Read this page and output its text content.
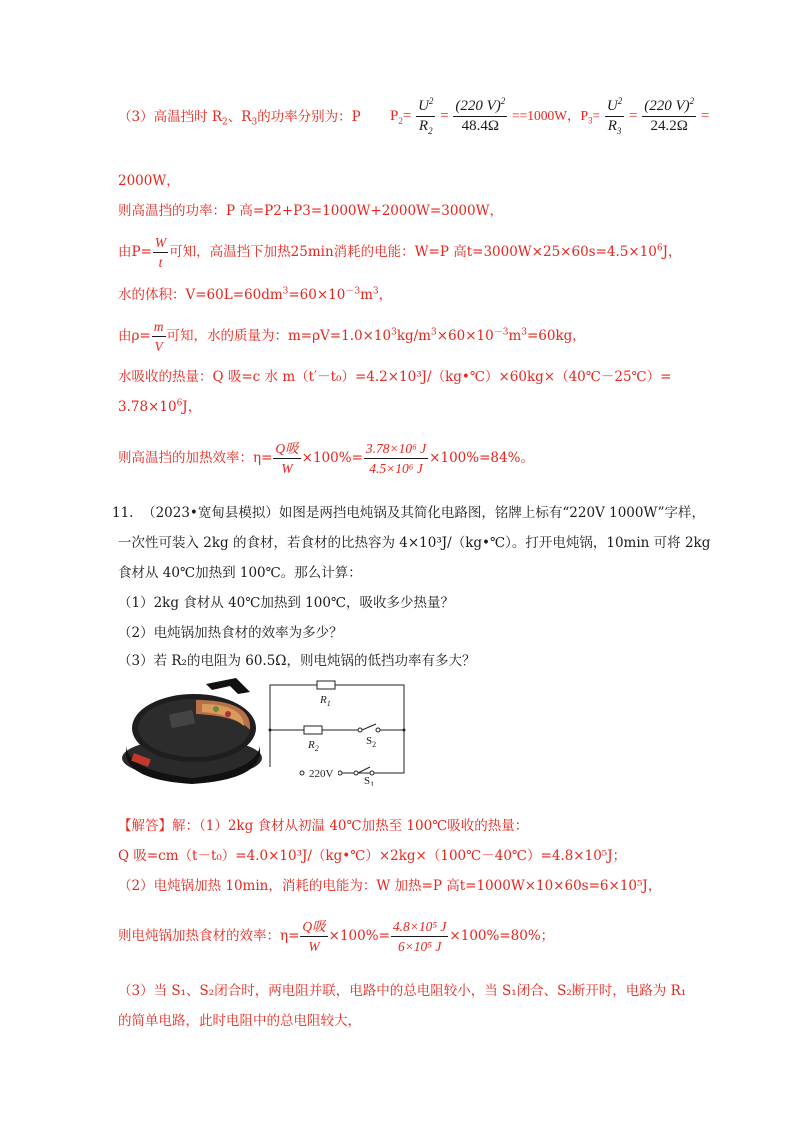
（3）高温挡时 $R_2$、$R_3$的功率分别为：P $P_2= \frac{U^2}{R_2} = \frac{(220 V)^2}{48.4\Omega} ==1000W$，$P_3= \frac{U^2}{R_3} = \frac{(220 V)^2}{24.2\Omega}$ =
2000W，
则高温挡的功率：P 高=P2+P3=1000W+2000W=3000W，
由$P= \frac{W}{t}$ 可知，高温挡下加热25min消耗的电能：W=P 高$t=3000W\times 25\times 60s=4.5\times 10^6J$，
水的体积：$V=60L=60dm^3=60\times 10^{-3}m^3$，
由$\rho= \frac{m}{V}$ 可知，水的质量为：$m=\rho V=1.0\times 10^3kg/m^3\times 60\times 10^{-3}m^3=60kg$，
水吸收的热量：Q 吸=c 水 m（t′－t₀）=4.2×10³J/（kg•℃）×60kg×（40℃－25℃）=
$3.78\times 10^6J$，
则高温挡的加热效率：$\eta= \frac{\text{Q吸}}{W} \times 100\%= \frac{\text{3.78×10⁶ J}}{\text{4.5×10⁶ J}} \times 100\%=84\%$。
11. （2023•宽甸县模拟）如图是两挡电炖锅及其简化电路图，铭牌上标有“220V 1000W”字样，
一次性可装入 2kg 的食材，若食材的比热容为 4×10³J/（kg•℃）。打开电炖锅，10min 可将 2kg
食材从 40℃加热到 100℃。那么计算：
（1）2kg 食材从 40℃加热到 100℃，吸收多少热量？
（2）电炖锅加热食材的效率为多少？
（3）若 R₂的电阻为 60.5Ω，则电炖锅的低挡功率有多大？
$R_1$
$R_2$
$S_2$
$S_1$
220V
【解答】解：（1）2kg 食材从初温 40℃加热至 100℃吸收的热量：
Q 吸=cm（t－t₀）=4.0×10³J/（kg•℃）×2kg×（100℃－40℃）=4.8×10⁵J；
（2）电炖锅加热 10min，消耗的电能为：W 加热=P 高t=1000W×10×60s=6×10⁵J，
则电炖锅加热食材的效率：$\eta= \frac{\text{Q吸}}{W} \times 100\%= \frac{\text{4.8×10⁵ J}}{\text{6×10⁵ J}} \times 100\%=80\%$；
（3）当 S₁、S₂闭合时，两电阻并联，电路中的总电阻较小，当 S₁闭合、S₂断开时，电路为 R₁
的简单电路，此时电阻中的总电阻较大，
